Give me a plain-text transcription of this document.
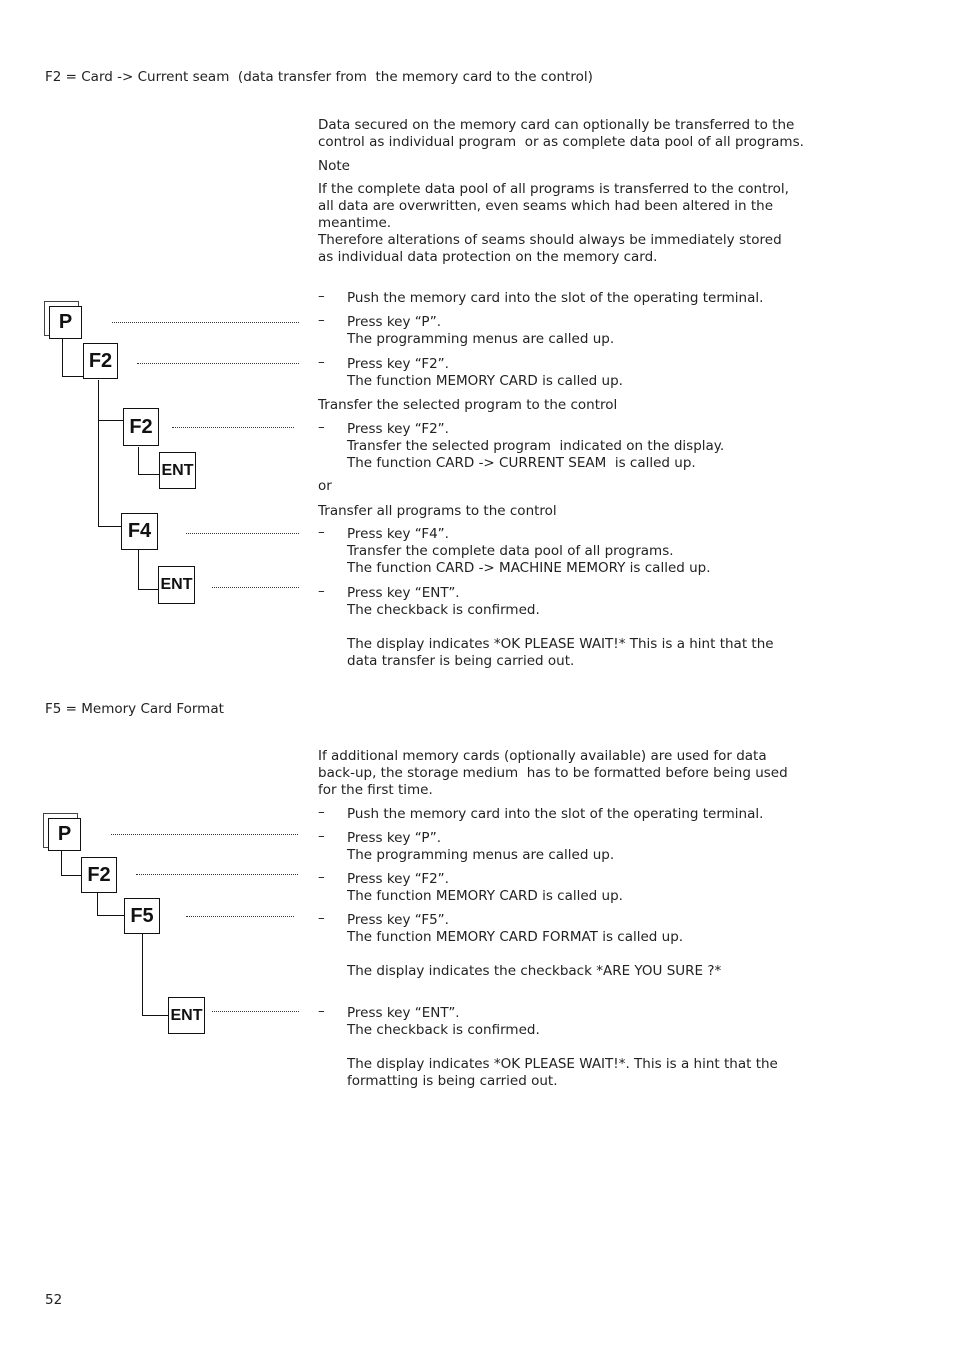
F2 = Card -> Current seam  (data transfer from  the memory card to the control)
Data secured on the memory card can optionally be transferred to the
control as individual program  or as complete data pool of all programs.
Note
If the complete data pool of all programs is transferred to the control,
all data are overwritten, even seams which had been altered in the
meantime.
Therefore alterations of seams should always be immediately stored
as individual data protection on the memory card.
– Push the memory card into the slot of the operating terminal.
– Press key “P”.
The programming menus are called up.
– Press key “F2”.
The function MEMORY CARD is called up.
Transfer the selected program to the control
– Press key “F2”.
Transfer the selected program  indicated on the display.
The function CARD -> CURRENT SEAM  is called up.
or
Transfer all programs to the control
– Press key “F4”.
Transfer the complete data pool of all programs.
The function CARD -> MACHINE MEMORY is called up.
– Press key “ENT”.
The checkback is confirmed.
The display indicates *OK PLEASE WAIT!* This is a hint that the
data transfer is being carried out.
P
F2
F2
ENT
F4
ENT
F5 = Memory Card Format
If additional memory cards (optionally available) are used for data
back-up, the storage medium  has to be formatted before being used
for the first time.
– Push the memory card into the slot of the operating terminal.
– Press key “P”.
The programming menus are called up.
– Press key “F2”.
The function MEMORY CARD is called up.
– Press key “F5”.
The function MEMORY CARD FORMAT is called up.
The display indicates the checkback *ARE YOU SURE ?*
– Press key “ENT”.
The checkback is confirmed.
The display indicates *OK PLEASE WAIT!*. This is a hint that the
formatting is being carried out.
P
F2
F5
ENT
52
